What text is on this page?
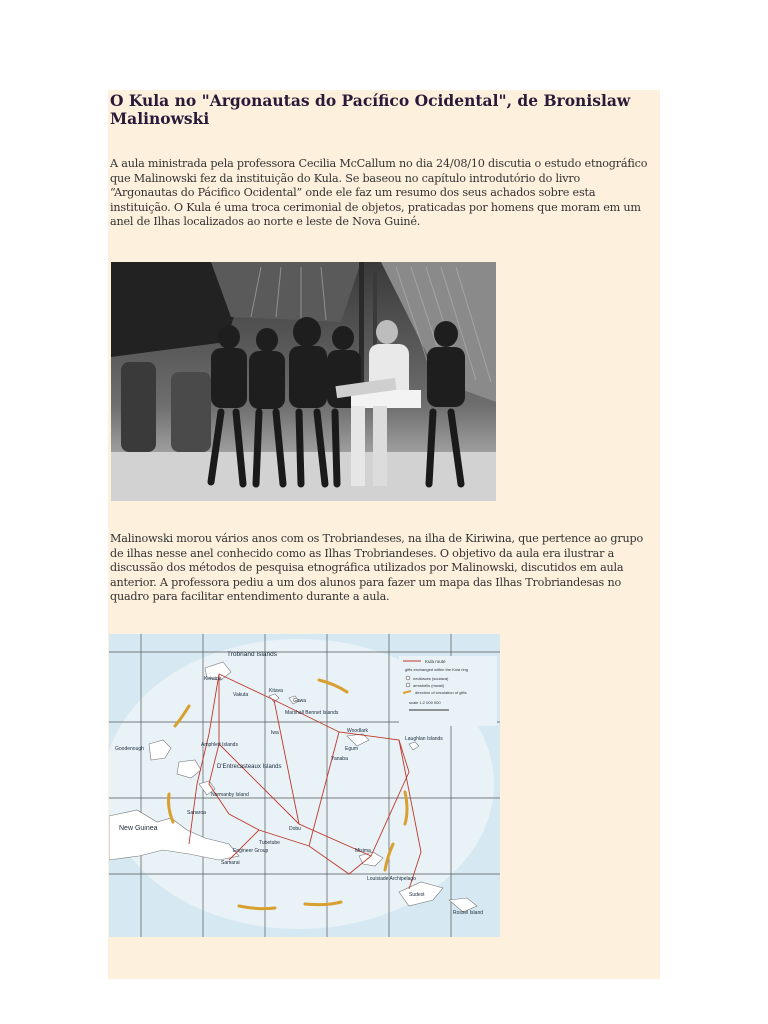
O Kula no "Argonautas do Pacífico Ocidental", de Bronislaw Malinowski

A aula ministrada pela professora Cecilia McCallum no dia 24/08/10 discutia o estudo etnográfico que Malinowski fez da instituição do Kula. Se baseou no capítulo introdutório do livro “Argonautas do Pácifico Ocidental” onde ele faz um resumo dos seus achados sobre esta instituição. O Kula é uma troca cerimonial de objetos, praticadas por homens que moram em um anel de Ilhas localizados ao norte e leste de Nova Guiné.

Malinowski morou vários anos com os Trobriandeses, na ilha de Kiriwina, que pertence ao grupo de ilhas nesse anel conhecido como as Ilhas Trobriandeses. O objetivo da aula era ilustrar a discussão dos métodos de pesquisa etnográfica utilizados por Malinowski, discutidos em aula anterior. A professora pediu a um dos alunos para fazer um mapa das Ilhas Trobriandesas no quadro para facilitar entendimento durante a aula.

Kula route
gifts exchanged within the Kula ring
necklaces (soulava)
armshells (mwali)
direction of circulation of gifts
scale 1:2 000 000
Trobriand Islands
Kiriwina
Kitava
Marshall Bennet Islands
Woodlark
Laughlan Islands
D'Entrecasteaux Islands
Normanby Island
Amphlett Islands
Goodenough
New Guinea
Misima
Tubetube
Louisiade Archipelago
Sudest
Rossel Island
Egum
Iwa
Yanaba
Gawa
Vakuta
Sanaroa
Samarai
Dobu
Engineer Group
